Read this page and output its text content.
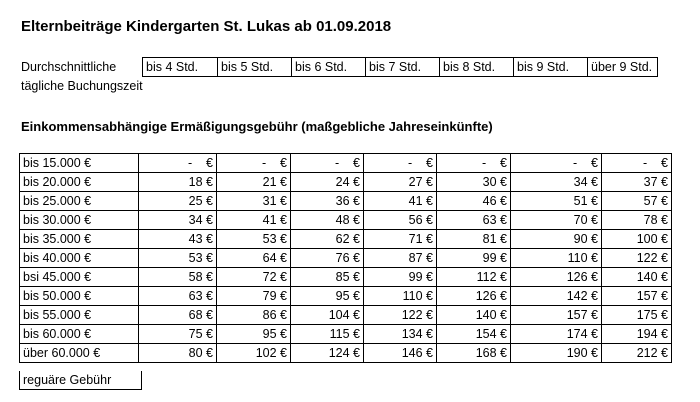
Elternbeiträge Kindergarten St. Lukas ab 01.09.2018
Durchschnittliche
tägliche Buchungszeit
bis 4 Std.	bis 5 Std.	bis 6 Std.	bis 7 Std.	bis 8 Std.	bis 9 Std.	über 9 Std.
Einkommensabhängige Ermäßigungsgebühr (maßgebliche Jahreseinkünfte)
bis 15.000 €	-    €	-    €	-    €	-    €	-    €	-    €	-    €
bis 20.000 €	18 €	21 €	24 €	27 €	30 €	34 €	37 €
bis 25.000 €	25 €	31 €	36 €	41 €	46 €	51 €	57 €
bis 30.000 €	34 €	41 €	48 €	56 €	63 €	70 €	78 €
bis 35.000 €	43 €	53 €	62 €	71 €	81 €	90 €	100 €
bis 40.000 €	53 €	64 €	76 €	87 €	99 €	110 €	122 €
bsi 45.000 €	58 €	72 €	85 €	99 €	112 €	126 €	140 €
bis 50.000 €	63 €	79 €	95 €	110 €	126 €	142 €	157 €
bis 55.000 €	68 €	86 €	104 €	122 €	140 €	157 €	175 €
bis 60.000 €	75 €	95 €	115 €	134 €	154 €	174 €	194 €
über 60.000 €	80 €	102 €	124 €	146 €	168 €	190 €	212 €
reguäre Gebühr
